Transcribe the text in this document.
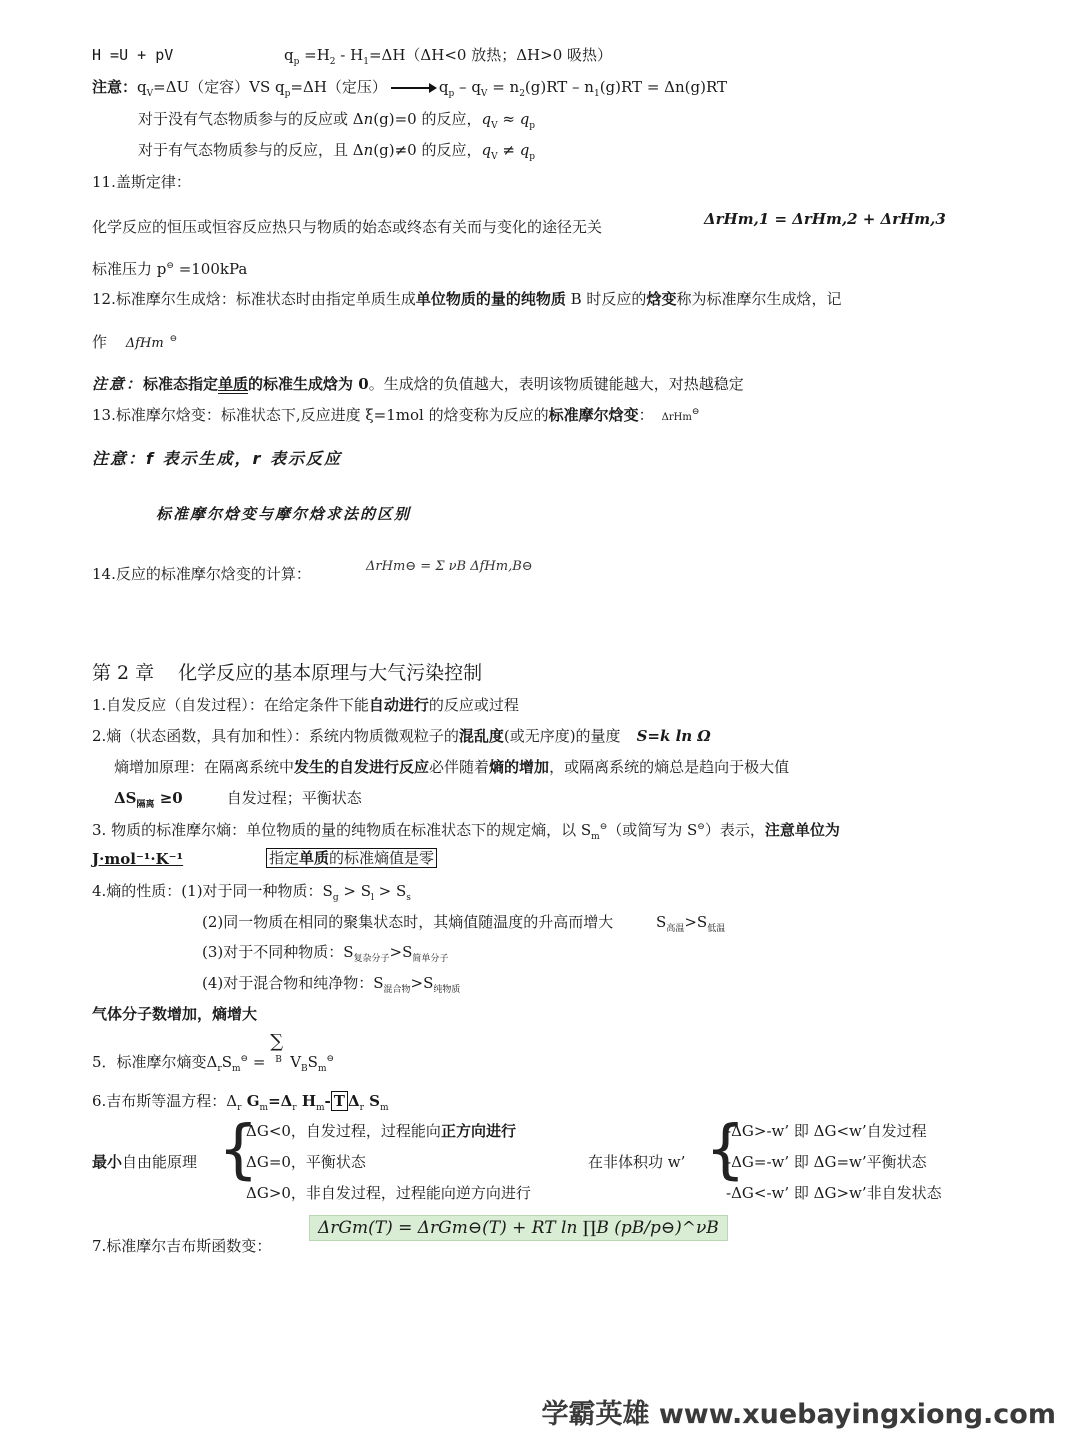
H =U + pV	$q_p =H_2 - H_1=\Delta H(\Delta H<0$ 放热；ΔH>0 吸热）
注意：$q_V=\Delta U$（定容）VS $q_p=\Delta H$（定压）	$q_p - q_V = n_2(g)RT - n_1(g)RT = \Delta n(g)RT$
对于没有气态物质参与的反应或 Δn(g)=0 的反应，$q_V \approx q_p$
对于有气态物质参与的反应，且 Δn(g)≠0 的反应，$q_V \ne q_p$
11.盖斯定律：
化学反应的恒压或恒容反应热只与物质的始态或终态有关而与变化的途径无关	ΔrHm,1 = ΔrHm,2 + ΔrHm,3
标准压力 p⊖ =100kPa
12.标准摩尔生成焓：标准状态时由指定单质生成单位物质的量的纯物质 B 时反应的焓变称为标准摩尔生成焓，记
作 ΔfHm ⊖
注意：标准态指定单质的标准生成焓为 0。生成焓的负值越大，表明该物质键能越大，对热越稳定
13.标准摩尔焓变：标准状态下,反应进度 ξ=1mol 的焓变称为反应的标准摩尔焓变： ΔrHm⊖
注意：f 表示生成，r 表示反应
标准摩尔焓变与摩尔焓求法的区别
14.反应的标准摩尔焓变的计算：	ΔrHm⊖ = Σ νB ΔfHm,B⊖
第 2 章 化学反应的基本原理与大气污染控制
1.自发反应（自发过程）：在给定条件下能自动进行的反应或过程
2.熵（状态函数，具有加和性）：系统内物质微观粒子的混乱度(或无序度)的量度 S=k ln Ω
熵增加原理：在隔离系统中发生的自发进行反应必伴随着熵的增加，或隔离系统的熵总是趋向于极大值
$\Delta S_{隔离} \ge 0$	自发过程；平衡状态
3. 物质的标准摩尔熵：单位物质的量的纯物质在标准状态下的规定熵，以 $S_m^⊖$（或简写为 S⊖）表示，注意单位为
J·mol⁻¹·K⁻¹	指定单质的标准熵值是零
4.熵的性质：(1)对于同一种物质：$S_g > S_l > S_s$
(2)同一物质在相同的聚集状态时，其熵值随温度的升高而增大	$S_{高温}>S_{低温}$
(3)对于不同种物质：$S_{复杂分子}>S_{简单分子}$
(4)对于混合物和纯净物：$S_{混合物}>S_{纯物质}$
气体分子数增加，熵增大
5．标准摩尔熵变$\Delta_rS_m^⊖$ =
∑
B $V_BS_m^⊖$
6.吉布斯等温方程：$\Delta_r$ $G_m=\Delta_r$ $H_m-$ T $\Delta_r$ $S_m$
最小自由能原理 {
ΔG<0，自发过程，过程能向正方向进行
ΔG=0，平衡状态
ΔG>0，非自发过程，过程能向逆方向进行
在非体积功 w’ {
-ΔG>-w’ 即 ΔG<w’自发过程
-ΔG=-w’ 即 ΔG=w’平衡状态
-ΔG<-w’ 即 ΔG>w’非自发状态
7.标准摩尔吉布斯函数变：
ΔrGm(T) = ΔrGm⊖(T) + RT ln ∏B (pB/p⊖)^νB
学霸英雄 www.xuebayingxiong.com
